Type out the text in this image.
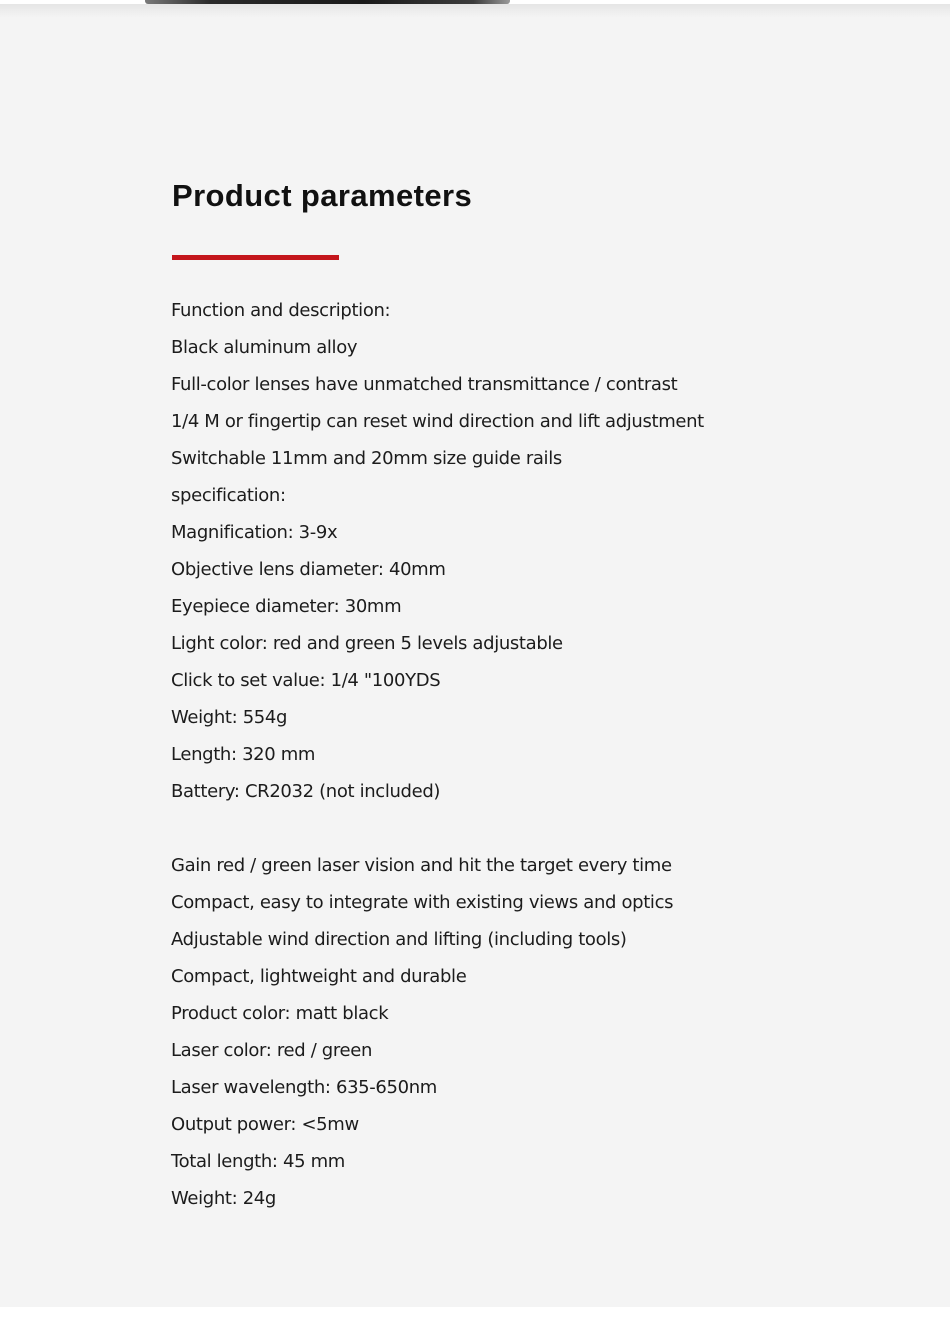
Product parameters
Function and description:
Black aluminum alloy
Full-color lenses have unmatched transmittance / contrast
1/4 M or fingertip can reset wind direction and lift adjustment
Switchable 11mm and 20mm size guide rails
specification:
Magnification: 3-9x
Objective lens diameter: 40mm
Eyepiece diameter: 30mm
Light color: red and green 5 levels adjustable
Click to set value: 1/4 "100YDS
Weight: 554g
Length: 320 mm
Battery: CR2032 (not included)
Gain red / green laser vision and hit the target every time
Compact, easy to integrate with existing views and optics
Adjustable wind direction and lifting (including tools)
Compact, lightweight and durable
Product color: matt black
Laser color: red / green
Laser wavelength: 635-650nm
Output power: <5mw
Total length: 45 mm
Weight: 24g
